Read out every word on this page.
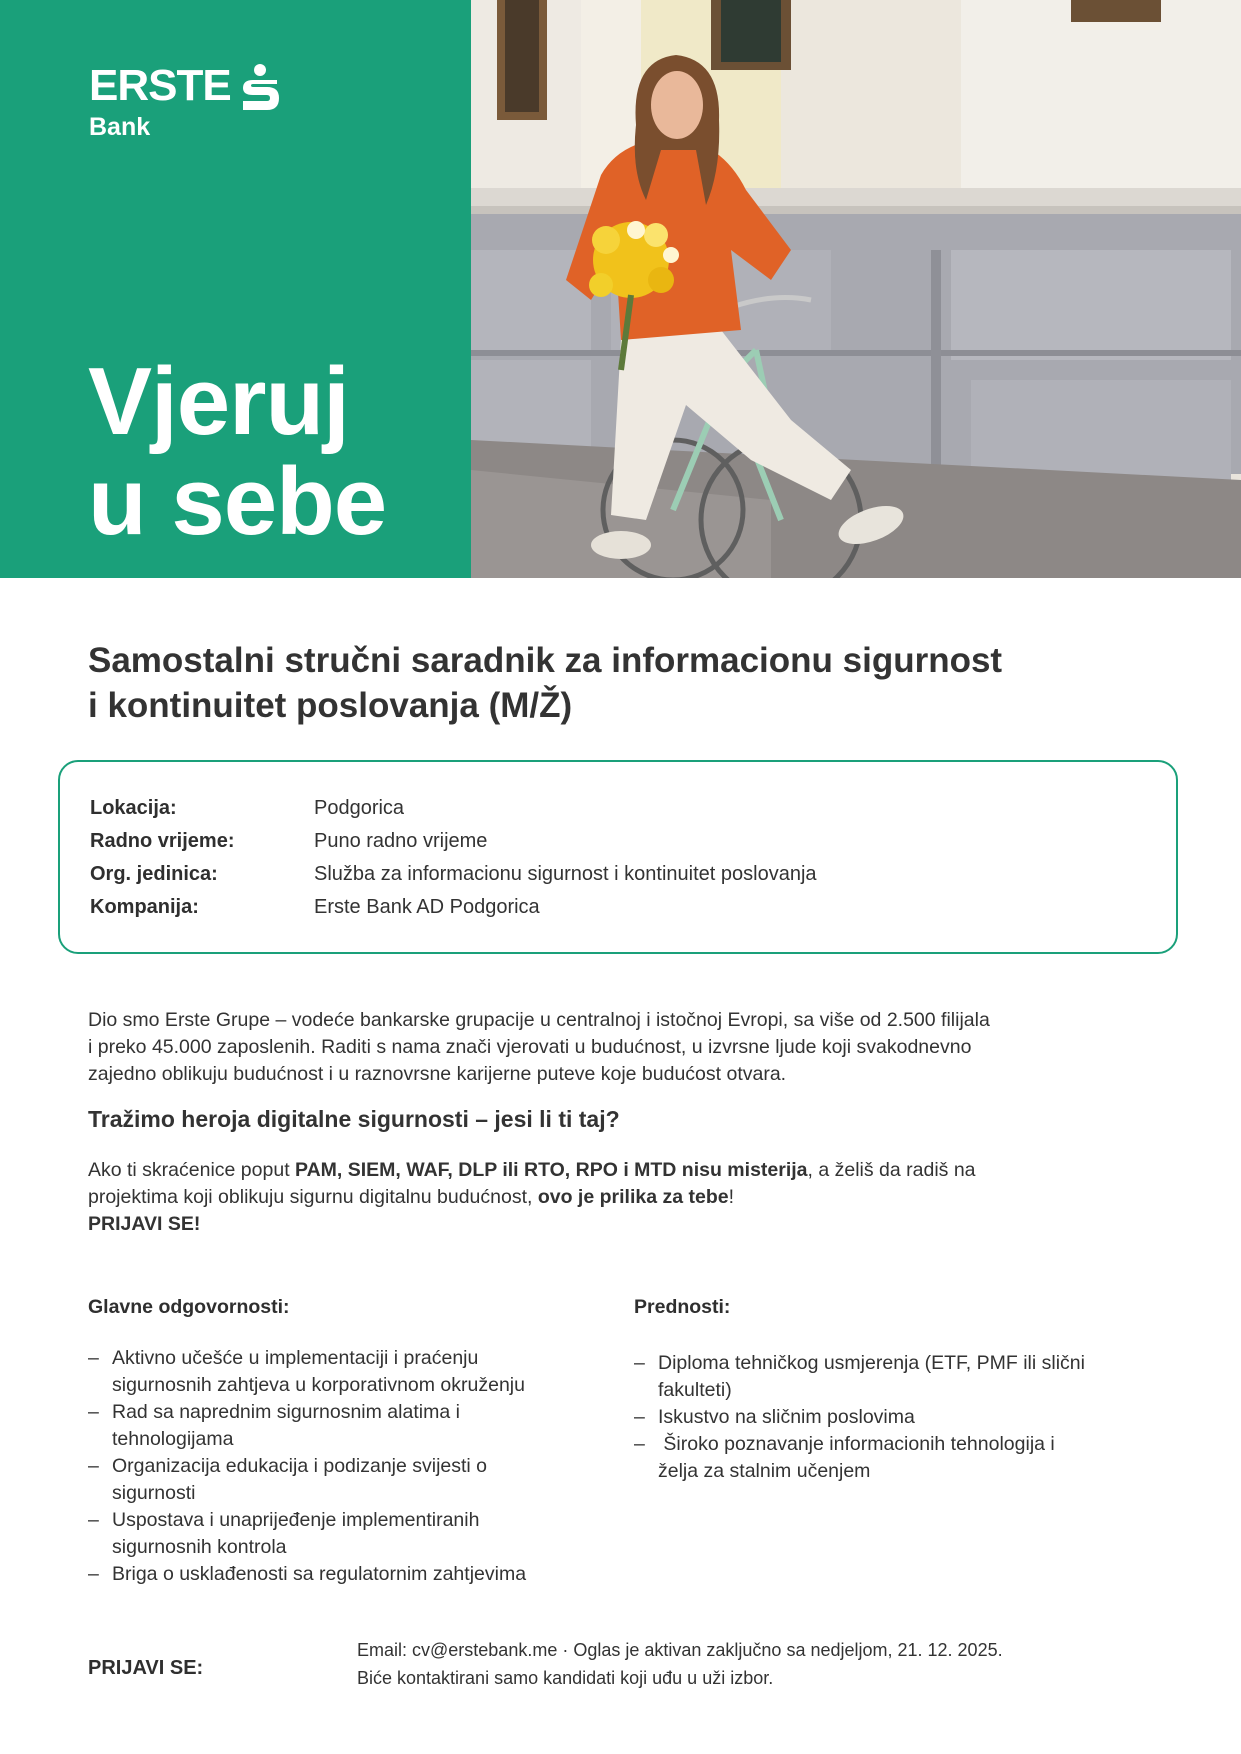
ERSTE
Bank
Vjeruj
u sebe
Samostalni stručni saradnik za informacionu sigurnost
i kontinuitet poslovanja (M/Ž)
Lokacija:	Podgorica
Radno vrijeme:	Puno radno vrijeme
Org. jedinica:	Služba za informacionu sigurnost i kontinuitet poslovanja
Kompanija:	Erste Bank AD Podgorica
Dio smo Erste Grupe – vodeće bankarske grupacije u centralnoj i istočnoj Evropi, sa više od 2.500 filijala
i preko 45.000 zaposlenih. Raditi s nama znači vjerovati u budućnost, u izvrsne ljude koji svakodnevno
zajedno oblikuju budućnost i u raznovrsne karijerne puteve koje budućost otvara.
Tražimo heroja digitalne sigurnosti – jesi li ti taj?
Ako ti skraćenice poput PAM, SIEM, WAF, DLP ili RTO, RPO i MTD nisu misterija, a želiš da radiš na
projektima koji oblikuju sigurnu digitalnu budućnost, ovo je prilika za tebe!
PRIJAVI SE!
Glavne odgovornosti:
– Aktivno učešće u implementaciji i praćenju
sigurnosnih zahtjeva u korporativnom okruženju
– Rad sa naprednim sigurnosnim alatima i
tehnologijama
– Organizacija edukacija i podizanje svijesti o
sigurnosti
– Uspostava i unaprijeđenje implementiranih
sigurnosnih kontrola
– Briga o usklađenosti sa regulatornim zahtjevima
Prednosti:
– Diploma tehničkog usmjerenja (ETF, PMF ili slični
fakulteti)
– Iskustvo na sličnim poslovima
– Široko poznavanje informacionih tehnologija i
želja za stalnim učenjem
PRIJAVI SE:
Email: cv@erstebank.me · Oglas je aktivan zaključno sa nedjeljom, 21. 12. 2025.
Biće kontaktirani samo kandidati koji uđu u uži izbor.
